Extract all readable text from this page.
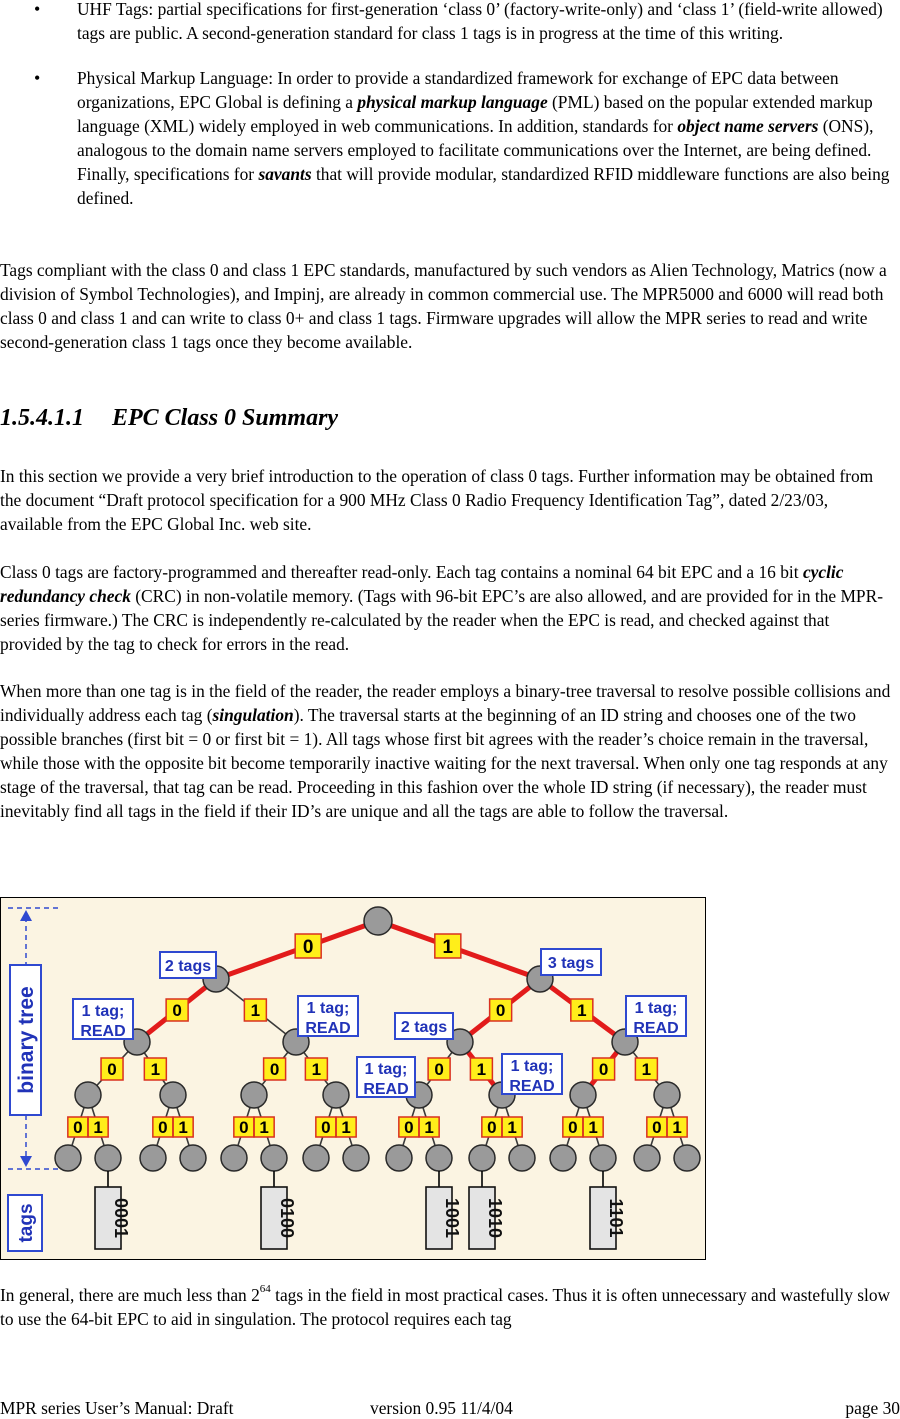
• UHF Tags: partial specifications for first-generation ‘class 0’ (factory-write-only) and ‘class 1’ (field-write allowed) tags are public. A second-generation standard for class 1 tags is in progress at the time of this writing.
• Physical Markup Language: In order to provide a standardized framework for exchange of EPC data between organizations, EPC Global is defining a physical markup language (PML) based on the popular extended markup language (XML) widely employed in web communications. In addition, standards for object name servers (ONS), analogous to the domain name servers employed to facilitate communications over the Internet, are being defined. Finally, specifications for savants that will provide modular, standardized RFID middleware functions are also being defined.
Tags compliant with the class 0 and class 1 EPC standards, manufactured by such vendors as Alien Technology, Matrics (now a division of Symbol Technologies), and Impinj, are already in common commercial use. The MPR5000 and 6000 will read both class 0 and class 1 and can write to class 0+ and class 1 tags. Firmware upgrades will allow the MPR series to read and write second-generation class 1 tags once they become available.
1.5.4.1.1 EPC Class 0 Summary
In this section we provide a very brief introduction to the operation of class 0 tags. Further information may be obtained from the document “Draft protocol specification for a 900 MHz Class 0 Radio Frequency Identification Tag”, dated 2/23/03, available from the EPC Global Inc. web site.
Class 0 tags are factory-programmed and thereafter read-only. Each tag contains a nominal 64 bit EPC and a 16 bit cyclic redundancy check (CRC) in non-volatile memory. (Tags with 96-bit EPC’s are also allowed, and are provided for in the MPR-series firmware.) The CRC is independently re-calculated by the reader when the EPC is read, and checked against that provided by the tag to check for errors in the read.
When more than one tag is in the field of the reader, the reader employs a binary-tree traversal to resolve possible collisions and individually address each tag (singulation). The traversal starts at the beginning of an ID string and chooses one of the two possible branches (first bit = 0 or first bit = 1). All tags whose first bit agrees with the reader’s choice remain in the traversal, while those with the opposite bit become temporarily inactive waiting for the next traversal. When only one tag responds at any stage of the traversal, that tag can be read. Proceeding in this fashion over the whole ID string (if necessary), the reader must inevitably find all tags in the field if their ID’s are unique and all the tags are able to follow the traversal.
binary tree
tags
0	1
0	1	0	1
0 1	0 1	0 1	0 1
0 1	0 1	0 1	0 1	0 1	0 1	0 1	0 1
2 tags	3 tags
1 tag;
READ
1 tag;
READ	2 tags
1 tag;
READ
1 tag;
READ
1 tag;
READ
0001	0100	1001 1010	1101
In general, there are much less than $2^{64}$ tags in the field in most practical cases. Thus it is often unnecessary and wastefully slow to use the 64-bit EPC to aid in singulation. The protocol requires each tag
MPR series User’s Manual: Draft	version 0.95 11/4/04	page 30
